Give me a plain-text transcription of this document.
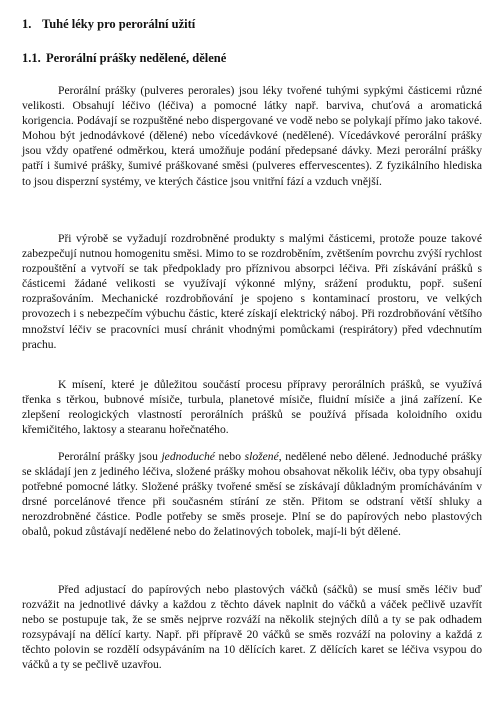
1. Tuhé léky pro perorální užití
1.1. Perorální prášky nedělené, dělené

Perorální prášky (pulveres perorales) jsou léky tvořené tuhými sypkými částicemi různé velikosti. Obsahují léčivo (léčiva) a pomocné látky např. barviva, chuťová a aromatická korigencia. Podávají se rozpuštěné nebo dispergované ve vodě nebo se polykají přímo jako takové. Mohou být jednodávkové (dělené) nebo vícedávkové (nedělené). Vícedávkové perorální prášky jsou vždy opatřené odměrkou, která umožňuje podání předepsané dávky. Mezi perorální prášky patří i šumivé prášky, šumivé práškované směsi (pulveres effervescentes). Z fyzikálního hlediska to jsou disperzní systémy, ve kterých částice jsou vnitřní fází a vzduch vnější.

Při výrobě se vyžadují rozdrobněné produkty s malými částicemi, protože pouze takové zabezpečují nutnou homogenitu směsi. Mimo to se rozdroběním, zvětšením povrchu zvýší rychlost rozpouštění a vytvoří se tak předpoklady pro příznivou absorpci léčiva. Při získávání prášků s částicemi žádané velikosti se využívají výkonné mlýny, srážení produktu, popř. sušení rozprašováním. Mechanické rozdrobňování je spojeno s kontaminací prostoru, ve velkých provozech i s nebezpečím výbuchu částic, které získají elektrický náboj. Při rozdrobňování většího množství léčiv se pracovníci musí chránit vhodnými pomůckami (respirátory) před vdechnutím prachu.

K mísení, které je důležitou součástí procesu přípravy perorálních prášků, se využívá třenka s těrkou, bubnové mísiče, turbula, planetové mísiče, fluidní mísiče a jiná zařízení. Ke zlepšení reologických vlastností perorálních prášků se používá přísada koloidního oxidu křemičitého, laktosy a stearanu hořečnatého.

Perorální prášky jsou jednoduché nebo složené, nedělené nebo dělené. Jednoduché prášky se skládají jen z jediného léčiva, složené prášky mohou obsahovat několik léčiv, oba typy obsahují potřebné pomocné látky. Složené prášky tvořené směsí se získávají důkladným promícháváním v drsné porcelánové třence při současném stírání ze stěn. Přitom se odstraní větší shluky a nerozdrobněné částice. Podle potřeby se směs proseje. Plní se do papírových nebo plastových obalů, pokud zůstávají nedělené nebo do želatinových tobolek, mají-li být dělené.

Před adjustací do papírových nebo plastových váčků (sáčků) se musí směs léčiv buď rozvážit na jednotlivé dávky a každou z těchto dávek naplnit do váčků a váček pečlivě uzavřít nebo se postupuje tak, že se směs nejprve rozváží na několik stejných dílů a ty se pak odhadem rozsypávají na dělící karty. Např. při přípravě 20 váčků se směs rozváží na poloviny a každá z těchto polovin se rozdělí odsypáváním na 10 dělících karet. Z dělících karet se léčiva vsypou do váčků a ty se pečlivě uzavřou.
